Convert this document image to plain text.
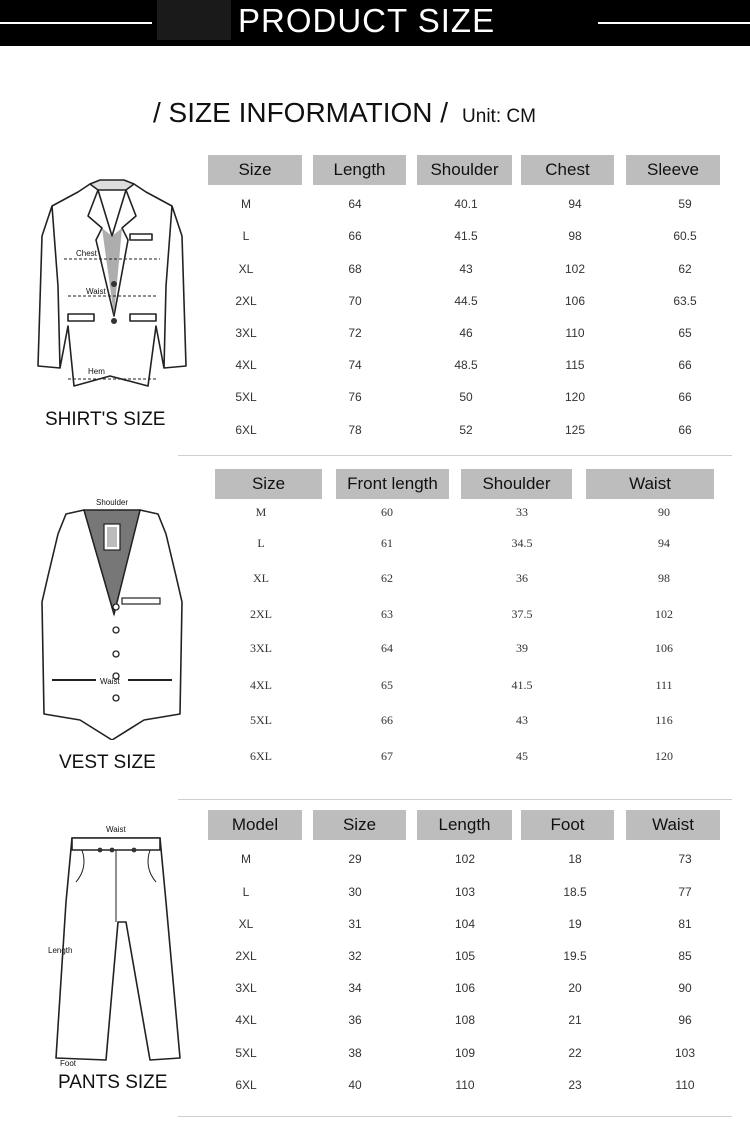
PRODUCT SIZE
/ SIZE INFORMATION / Unit: CM
Chest
Waist
Hem
SHIRT'S SIZE
Size	Length	Shoulder	Chest	Sleeve
M	64	40.1	94	59
L	66	41.5	98	60.5
XL	68	43	102	62
2XL	70	44.5	106	63.5
3XL	72	46	110	65
4XL	74	48.5	115	66
5XL	76	50	120	66
6XL	78	52	125	66
Shoulder
Waist
VEST SIZE
Size	Front length	Shoulder	Waist
M	60	33	90
L	61	34.5	94
XL	62	36	98
2XL	63	37.5	102
3XL	64	39	106
4XL	65	41.5	111
5XL	66	43	116
6XL	67	45	120
Waist
Length
Foot
PANTS SIZE
Model	Size	Length	Foot	Waist
M	29	102	18	73
L	30	103	18.5	77
XL	31	104	19	81
2XL	32	105	19.5	85
3XL	34	106	20	90
4XL	36	108	21	96
5XL	38	109	22	103
6XL	40	110	23	110
